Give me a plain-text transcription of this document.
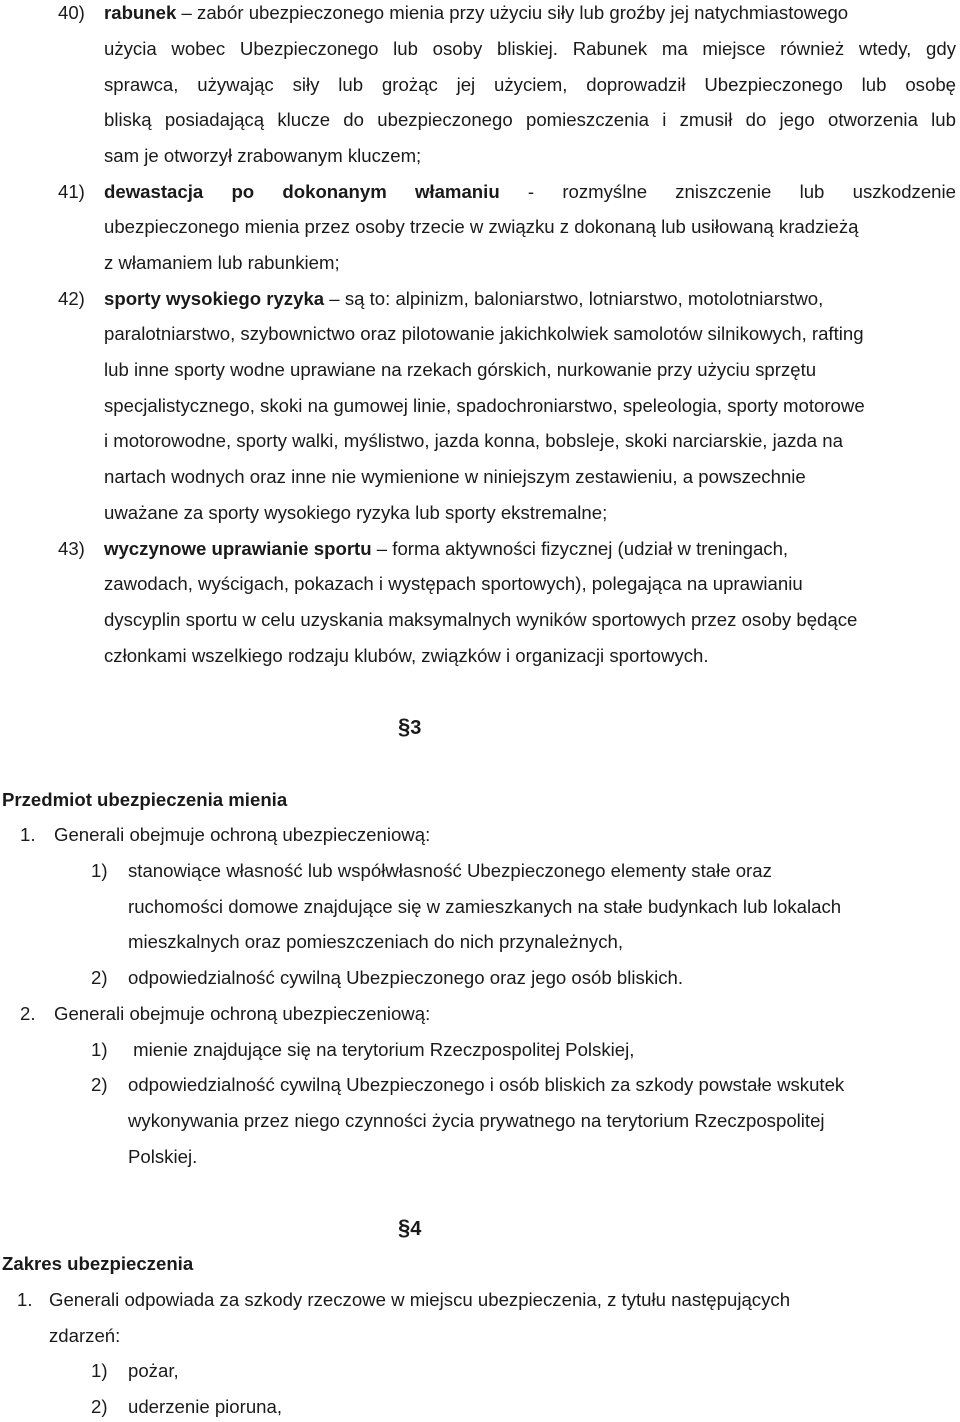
40) rabunek – zabór ubezpieczonego mienia przy użyciu siły lub groźby jej natychmiastowego
użycia wobec Ubezpieczonego lub osoby bliskiej. Rabunek ma miejsce również wtedy, gdy
sprawca, używając siły lub grożąc jej użyciem, doprowadził Ubezpieczonego lub osobę
bliską posiadającą klucze do ubezpieczonego pomieszczenia i zmusił do jego otworzenia lub
sam je otworzył zrabowanym kluczem;
41) dewastacja po dokonanym włamaniu - rozmyślne zniszczenie lub uszkodzenie
ubezpieczonego mienia przez osoby trzecie w związku z dokonaną lub usiłowaną kradzieżą
z włamaniem lub rabunkiem;
42) sporty wysokiego ryzyka – są to: alpinizm, baloniarstwo, lotniarstwo, motolotniarstwo,
paralotniarstwo, szybownictwo oraz pilotowanie jakichkolwiek samolotów silnikowych, rafting
lub inne sporty wodne uprawiane na rzekach górskich, nurkowanie przy użyciu sprzętu
specjalistycznego, skoki na gumowej linie, spadochroniarstwo, speleologia, sporty motorowe
i motorowodne, sporty walki, myślistwo, jazda konna, bobsleje, skoki narciarskie, jazda na
nartach wodnych oraz inne nie wymienione w niniejszym zestawieniu, a powszechnie
uważane za sporty wysokiego ryzyka lub sporty ekstremalne;
43) wyczynowe uprawianie sportu – forma aktywności fizycznej (udział w treningach,
zawodach, wyścigach, pokazach i występach sportowych), polegająca na uprawianiu
dyscyplin sportu w celu uzyskania maksymalnych wyników sportowych przez osoby będące
członkami wszelkiego rodzaju klubów, związków i organizacji sportowych.
§3
Przedmiot ubezpieczenia mienia
1. Generali obejmuje ochroną ubezpieczeniową:
1) stanowiące własność lub współwłasność Ubezpieczonego elementy stałe oraz
ruchomości domowe znajdujące się w zamieszkanych na stałe budynkach lub lokalach
mieszkalnych oraz pomieszczeniach do nich przynależnych,
2) odpowiedzialność cywilną Ubezpieczonego oraz jego osób bliskich.
2. Generali obejmuje ochroną ubezpieczeniową:
1) mienie znajdujące się na terytorium Rzeczpospolitej Polskiej,
2) odpowiedzialność cywilną Ubezpieczonego i osób bliskich za szkody powstałe wskutek
wykonywania przez niego czynności życia prywatnego na terytorium Rzeczpospolitej
Polskiej.
§4
Zakres ubezpieczenia
1. Generali odpowiada za szkody rzeczowe w miejscu ubezpieczenia, z tytułu następujących
zdarzeń:
1) pożar,
2) uderzenie pioruna,
